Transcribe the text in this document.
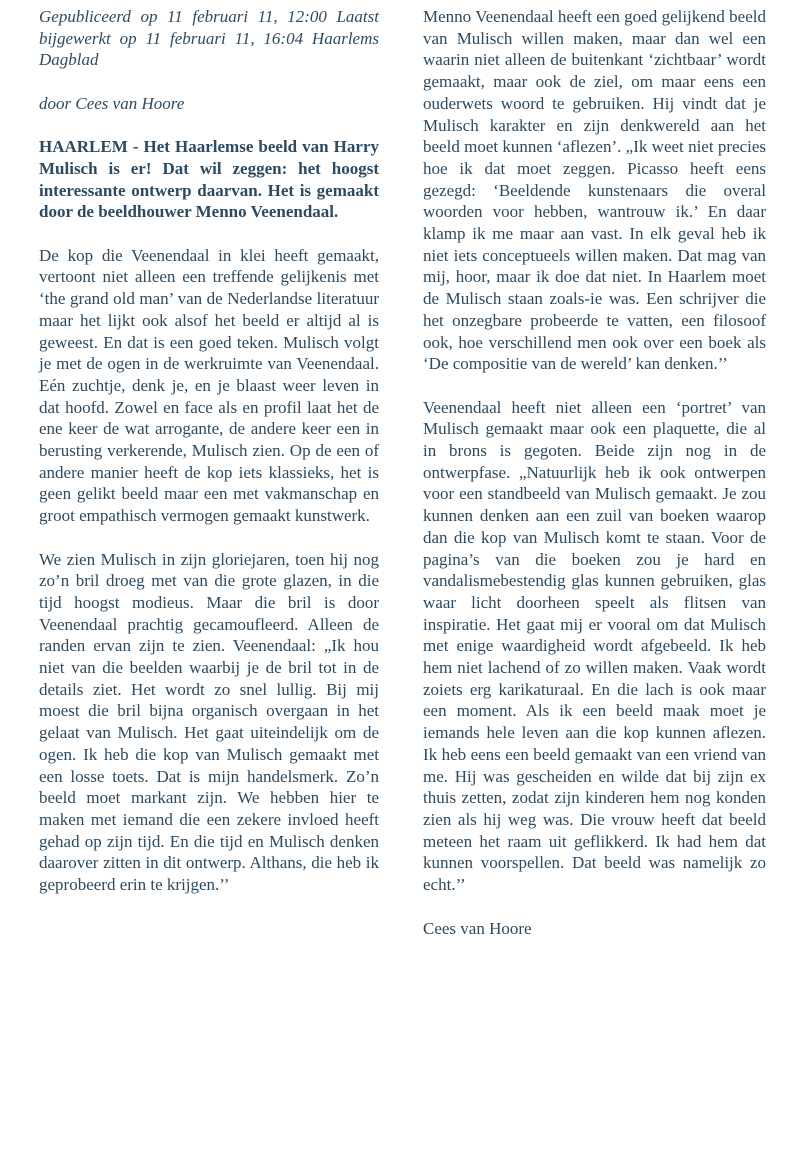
Gepubliceerd op 11 februari 11, 12:00 Laatst bijgewerkt op 11 februari 11, 16:04 Haarlems Dagblad

door Cees van Hoore

HAARLEM - Het Haarlemse beeld van Harry Mulisch is er! Dat wil zeggen: het hoogst interessante ontwerp daarvan. Het is gemaakt door de beeldhouwer Menno Veenendaal.

De kop die Veenendaal in klei heeft gemaakt, vertoont niet alleen een treffende gelijkenis met ‘the grand old man’ van de Nederlandse literatuur maar het lijkt ook alsof het beeld er altijd al is geweest. En dat is een goed teken. Mulisch volgt je met de ogen in de werkruimte van Veenendaal. Eén zuchtje, denk je, en je blaast weer leven in dat hoofd. Zowel en face als en profil laat het de ene keer de wat arrogante, de andere keer een in berusting verkerende, Mulisch zien. Op de een of andere manier heeft de kop iets klassieks, het is geen gelikt beeld maar een met vakmanschap en groot empathisch vermogen gemaakt kunstwerk.

We zien Mulisch in zijn gloriejaren, toen hij nog zo’n bril droeg met van die grote glazen, in die tijd hoogst modieus. Maar die bril is door Veenendaal prachtig gecamoufleerd. Alleen de randen ervan zijn te zien. Veenendaal: „Ik hou niet van die beelden waarbij je de bril tot in de details ziet. Het wordt zo snel lullig. Bij mij moest die bril bijna organisch overgaan in het gelaat van Mulisch. Het gaat uiteindelijk om de ogen. Ik heb die kop van Mulisch gemaakt met een losse toets. Dat is mijn handelsmerk. Zo’n beeld moet markant zijn. We hebben hier te maken met iemand die een zekere invloed heeft gehad op zijn tijd. En die tijd en Mulisch denken daarover zitten in dit ontwerp. Althans, die heb ik geprobeerd erin te krijgen.’’

Menno Veenendaal heeft een goed gelijkend beeld van Mulisch willen maken, maar dan wel een waarin niet alleen de buitenkant ‘zichtbaar’ wordt gemaakt, maar ook de ziel, om maar eens een ouderwets woord te gebruiken. Hij vindt dat je Mulisch karakter en zijn denkwereld aan het beeld moet kunnen ‘aflezen’. „Ik weet niet precies hoe ik dat moet zeggen. Picasso heeft eens gezegd: ‘Beeldende kunstenaars die overal woorden voor hebben, wantrouw ik.’ En daar klamp ik me maar aan vast. In elk geval heb ik niet iets conceptueels willen maken. Dat mag van mij, hoor, maar ik doe dat niet. In Haarlem moet de Mulisch staan zoals-ie was. Een schrijver die het onzegbare probeerde te vatten, een filosoof ook, hoe verschillend men ook over een boek als ‘De compositie van de wereld’ kan denken.’’

Veenendaal heeft niet alleen een ‘portret’ van Mulisch gemaakt maar ook een plaquette, die al in brons is gegoten. Beide zijn nog in de ontwerpfase. „Natuurlijk heb ik ook ontwerpen voor een standbeeld van Mulisch gemaakt. Je zou kunnen denken aan een zuil van boeken waarop dan die kop van Mulisch komt te staan. Voor de pagina’s van die boeken zou je hard en vandalismebestendig glas kunnen gebruiken, glas waar licht doorheen speelt als flitsen van inspiratie. Het gaat mij er vooral om dat Mulisch met enige waardigheid wordt afgebeeld. Ik heb hem niet lachend of zo willen maken. Vaak wordt zoiets erg karikaturaal. En die lach is ook maar een moment. Als ik een beeld maak moet je iemands hele leven aan die kop kunnen aflezen. Ik heb eens een beeld gemaakt van een vriend van me. Hij was gescheiden en wilde dat bij zijn ex thuis zetten, zodat zijn kinderen hem nog konden zien als hij weg was. Die vrouw heeft dat beeld meteen het raam uit geflikkerd. Ik had hem dat kunnen voorspellen. Dat beeld was namelijk zo echt.’’

Cees van Hoore
